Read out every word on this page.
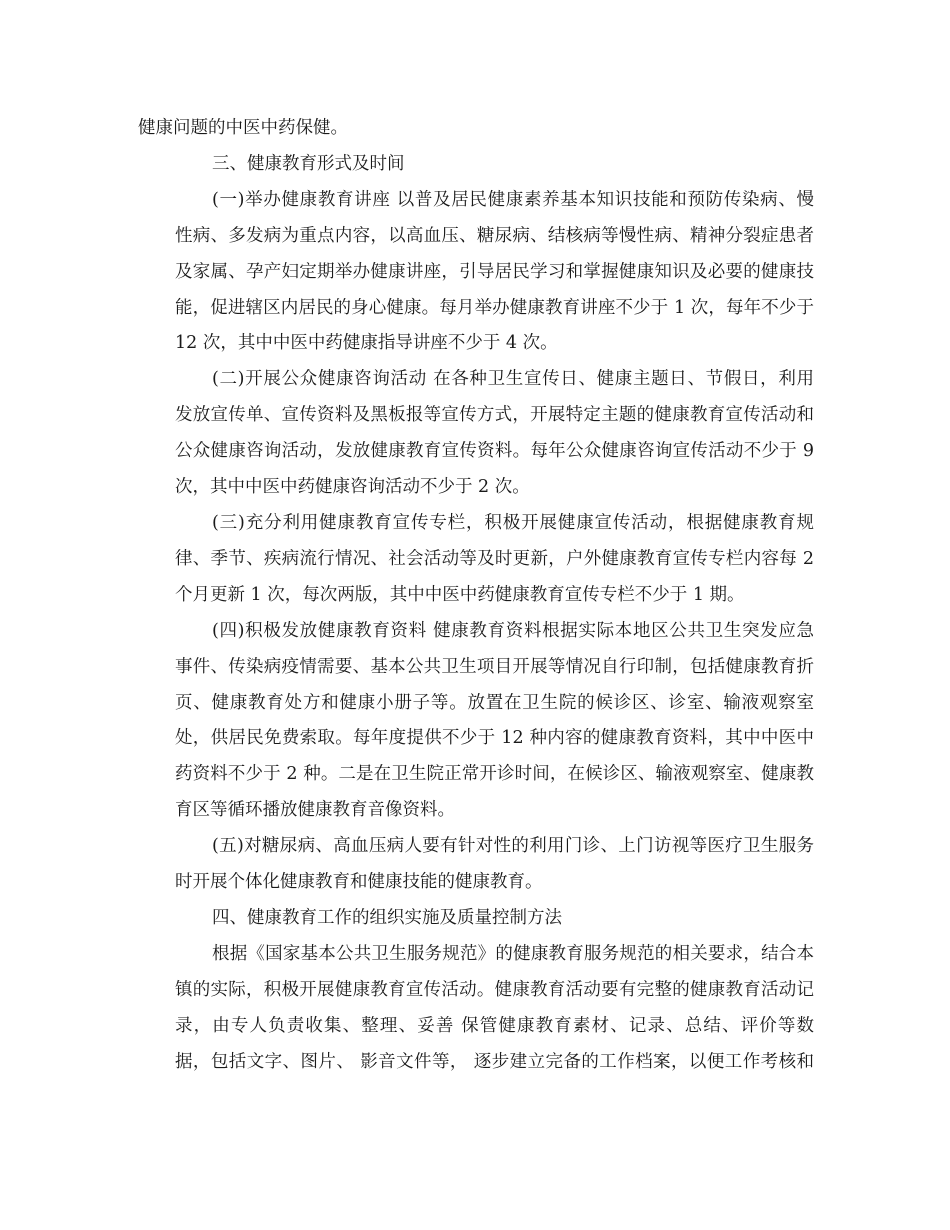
健康问题的中医中药保健。
三、健康教育形式及时间
(一)举办健康教育讲座 以普及居民健康素养基本知识技能和预防传染病、慢
性病、多发病为重点内容，以高血压、糖尿病、结核病等慢性病、精神分裂症患者
及家属、孕产妇定期举办健康讲座，引导居民学习和掌握健康知识及必要的健康技
能，促进辖区内居民的身心健康。每月举办健康教育讲座不少于 1 次，每年不少于
12 次，其中中医中药健康指导讲座不少于 4 次。
(二)开展公众健康咨询活动 在各种卫生宣传日、健康主题日、节假日，利用
发放宣传单、宣传资料及黑板报等宣传方式，开展特定主题的健康教育宣传活动和
公众健康咨询活动，发放健康教育宣传资料。每年公众健康咨询宣传活动不少于 9
次，其中中医中药健康咨询活动不少于 2 次。
(三)充分利用健康教育宣传专栏，积极开展健康宣传活动，根据健康教育规
律、季节、疾病流行情况、社会活动等及时更新，户外健康教育宣传专栏内容每 2
个月更新 1 次，每次两版，其中中医中药健康教育宣传专栏不少于 1 期。
(四)积极发放健康教育资料 健康教育资料根据实际本地区公共卫生突发应急
事件、传染病疫情需要、基本公共卫生项目开展等情况自行印制，包括健康教育折
页、健康教育处方和健康小册子等。放置在卫生院的候诊区、诊室、输液观察室
处，供居民免费索取。每年度提供不少于 12 种内容的健康教育资料，其中中医中
药资料不少于 2 种。二是在卫生院正常开诊时间，在候诊区、输液观察室、健康教
育区等循环播放健康教育音像资料。
(五)对糖尿病、高血压病人要有针对性的利用门诊、上门访视等医疗卫生服务
时开展个体化健康教育和健康技能的健康教育。
四、健康教育工作的组织实施及质量控制方法
根据《国家基本公共卫生服务规范》的健康教育服务规范的相关要求，结合本
镇的实际，积极开展健康教育宣传活动。健康教育活动要有完整的健康教育活动记
录，由专人负责收集、整理、妥善 保管健康教育素材、记录、总结、评价等数
据，包括文字、图片、 影音文件等， 逐步建立完备的工作档案，以便工作考核和
